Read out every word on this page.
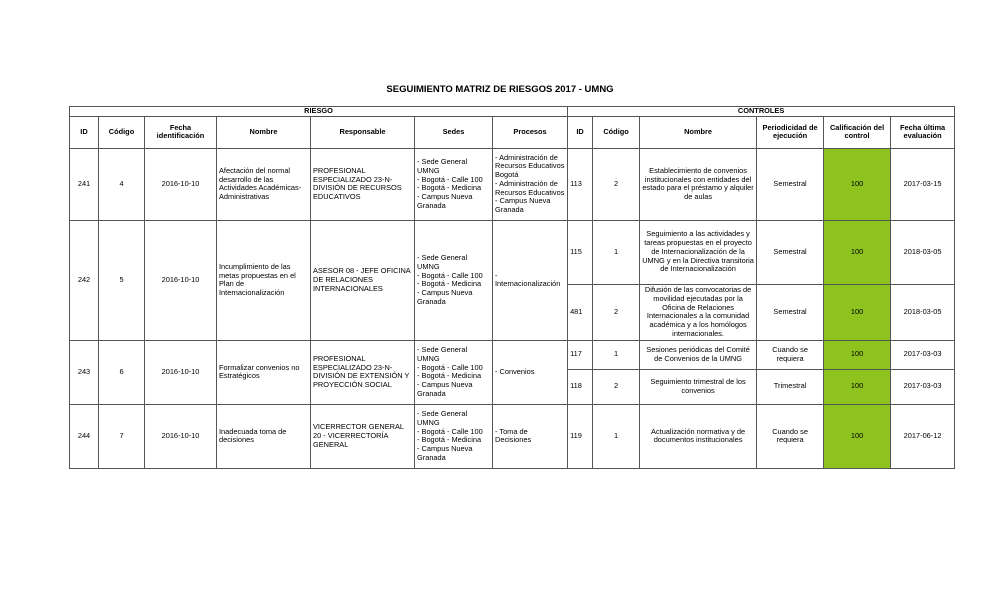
SEGUIMIENTO MATRIZ DE RIESGOS 2017 - UMNG
RIESGO							CONTROLES					
ID	Código	Fecha identificación	Nombre	Responsable	Sedes	Procesos	ID	Código	Nombre	Periodicidad de ejecución	Calificación del control	Fecha última evaluación
241	4	2016-10-10	Afectación del normal desarrollo de las Actividades Académicas-Administrativas	PROFESIONAL ESPECIALIZADO 23-N-DIVISIÓN DE RECURSOS EDUCATIVOS	- Sede General UMNG
- Bogotá - Calle 100
- Bogotá - Medicina
- Campus Nueva Granada	- Administración de Recursos Educativos Bogotá
- Administración de Recursos Educativos - Campus Nueva Granada	113	2	Establecimiento de convenios institucionales con entidades del estado para el préstamo y alquiler de aulas	Semestral	100	2017-03-15
242	5	2016-10-10	Incumplimiento de las metas propuestas en el Plan de Internacionalización	ASESOR 08 - JEFE OFICINA DE RELACIONES INTERNACIONALES	- Sede General UMNG
- Bogotá - Calle 100
- Bogotá - Medicina
- Campus Nueva Granada	-
Internacionalización	115	1	Seguimiento a las actividades y tareas propuestas en el proyecto de Internacionalización de la UMNG y en la Directiva transitoria de Internacionalización	Semestral	100	2018-03-05
							481	2	Difusión de las convocatorias de movilidad ejecutadas por la Oficina de Relaciones Internacionales a la comunidad académica y a los homólogos internacionales.	Semestral	100	2018-03-05
243	6	2016-10-10	Formalizar convenios no Estratégicos	PROFESIONAL ESPECIALIZADO 23-N-DIVISIÓN DE EXTENSIÓN Y PROYECCIÓN SOCIAL	- Sede General UMNG
- Bogotá - Calle 100
- Bogotá - Medicina
- Campus Nueva Granada	- Convenios	117	1	Sesiones periódicas del Comité de Convenios de la UMNG	Cuando se requiera	100	2017-03-03
							118	2	Seguimiento trimestral de los convenios	Trimestral	100	2017-03-03
244	7	2016-10-10	Inadecuada toma de decisiones	VICERRECTOR GENERAL 20 - VICERRECTORÍA GENERAL	- Sede General UMNG
- Bogotá - Calle 100
- Bogotá - Medicina
- Campus Nueva Granada	- Toma de Decisiones	119	1	Actualización normativa y de documentos institucionales	Cuando se requiera	100	2017-06-12
